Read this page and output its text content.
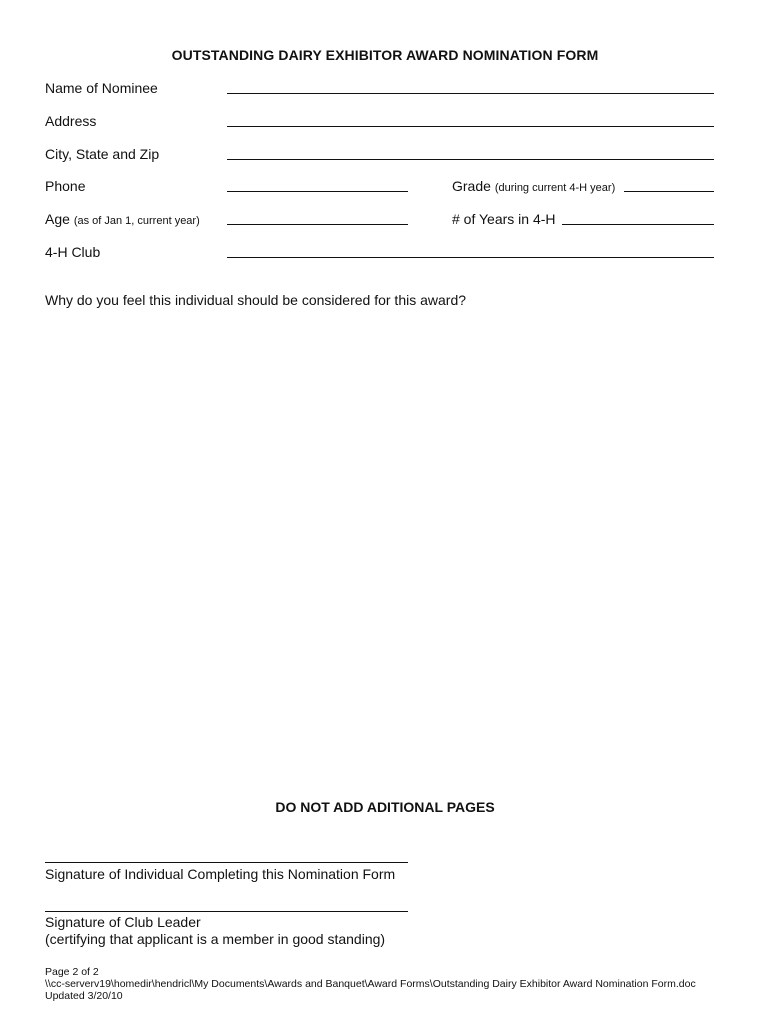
OUTSTANDING DAIRY EXHIBITOR AWARD NOMINATION FORM
Name of Nominee
Address
City, State and Zip
Phone	Grade (during current 4-H year)
Age (as of Jan 1, current year)	# of Years in 4-H
4-H Club
Why do you feel this individual should be considered for this award?
DO NOT ADD ADITIONAL PAGES
Signature of Individual Completing this Nomination Form
Signature of Club Leader
(certifying that applicant is a member in good standing)
Page 2 of 2
\\cc-serverv19\homedir\hendricl\My Documents\Awards and Banquet\Award Forms\Outstanding Dairy Exhibitor Award Nomination Form.doc
Updated 3/20/10
